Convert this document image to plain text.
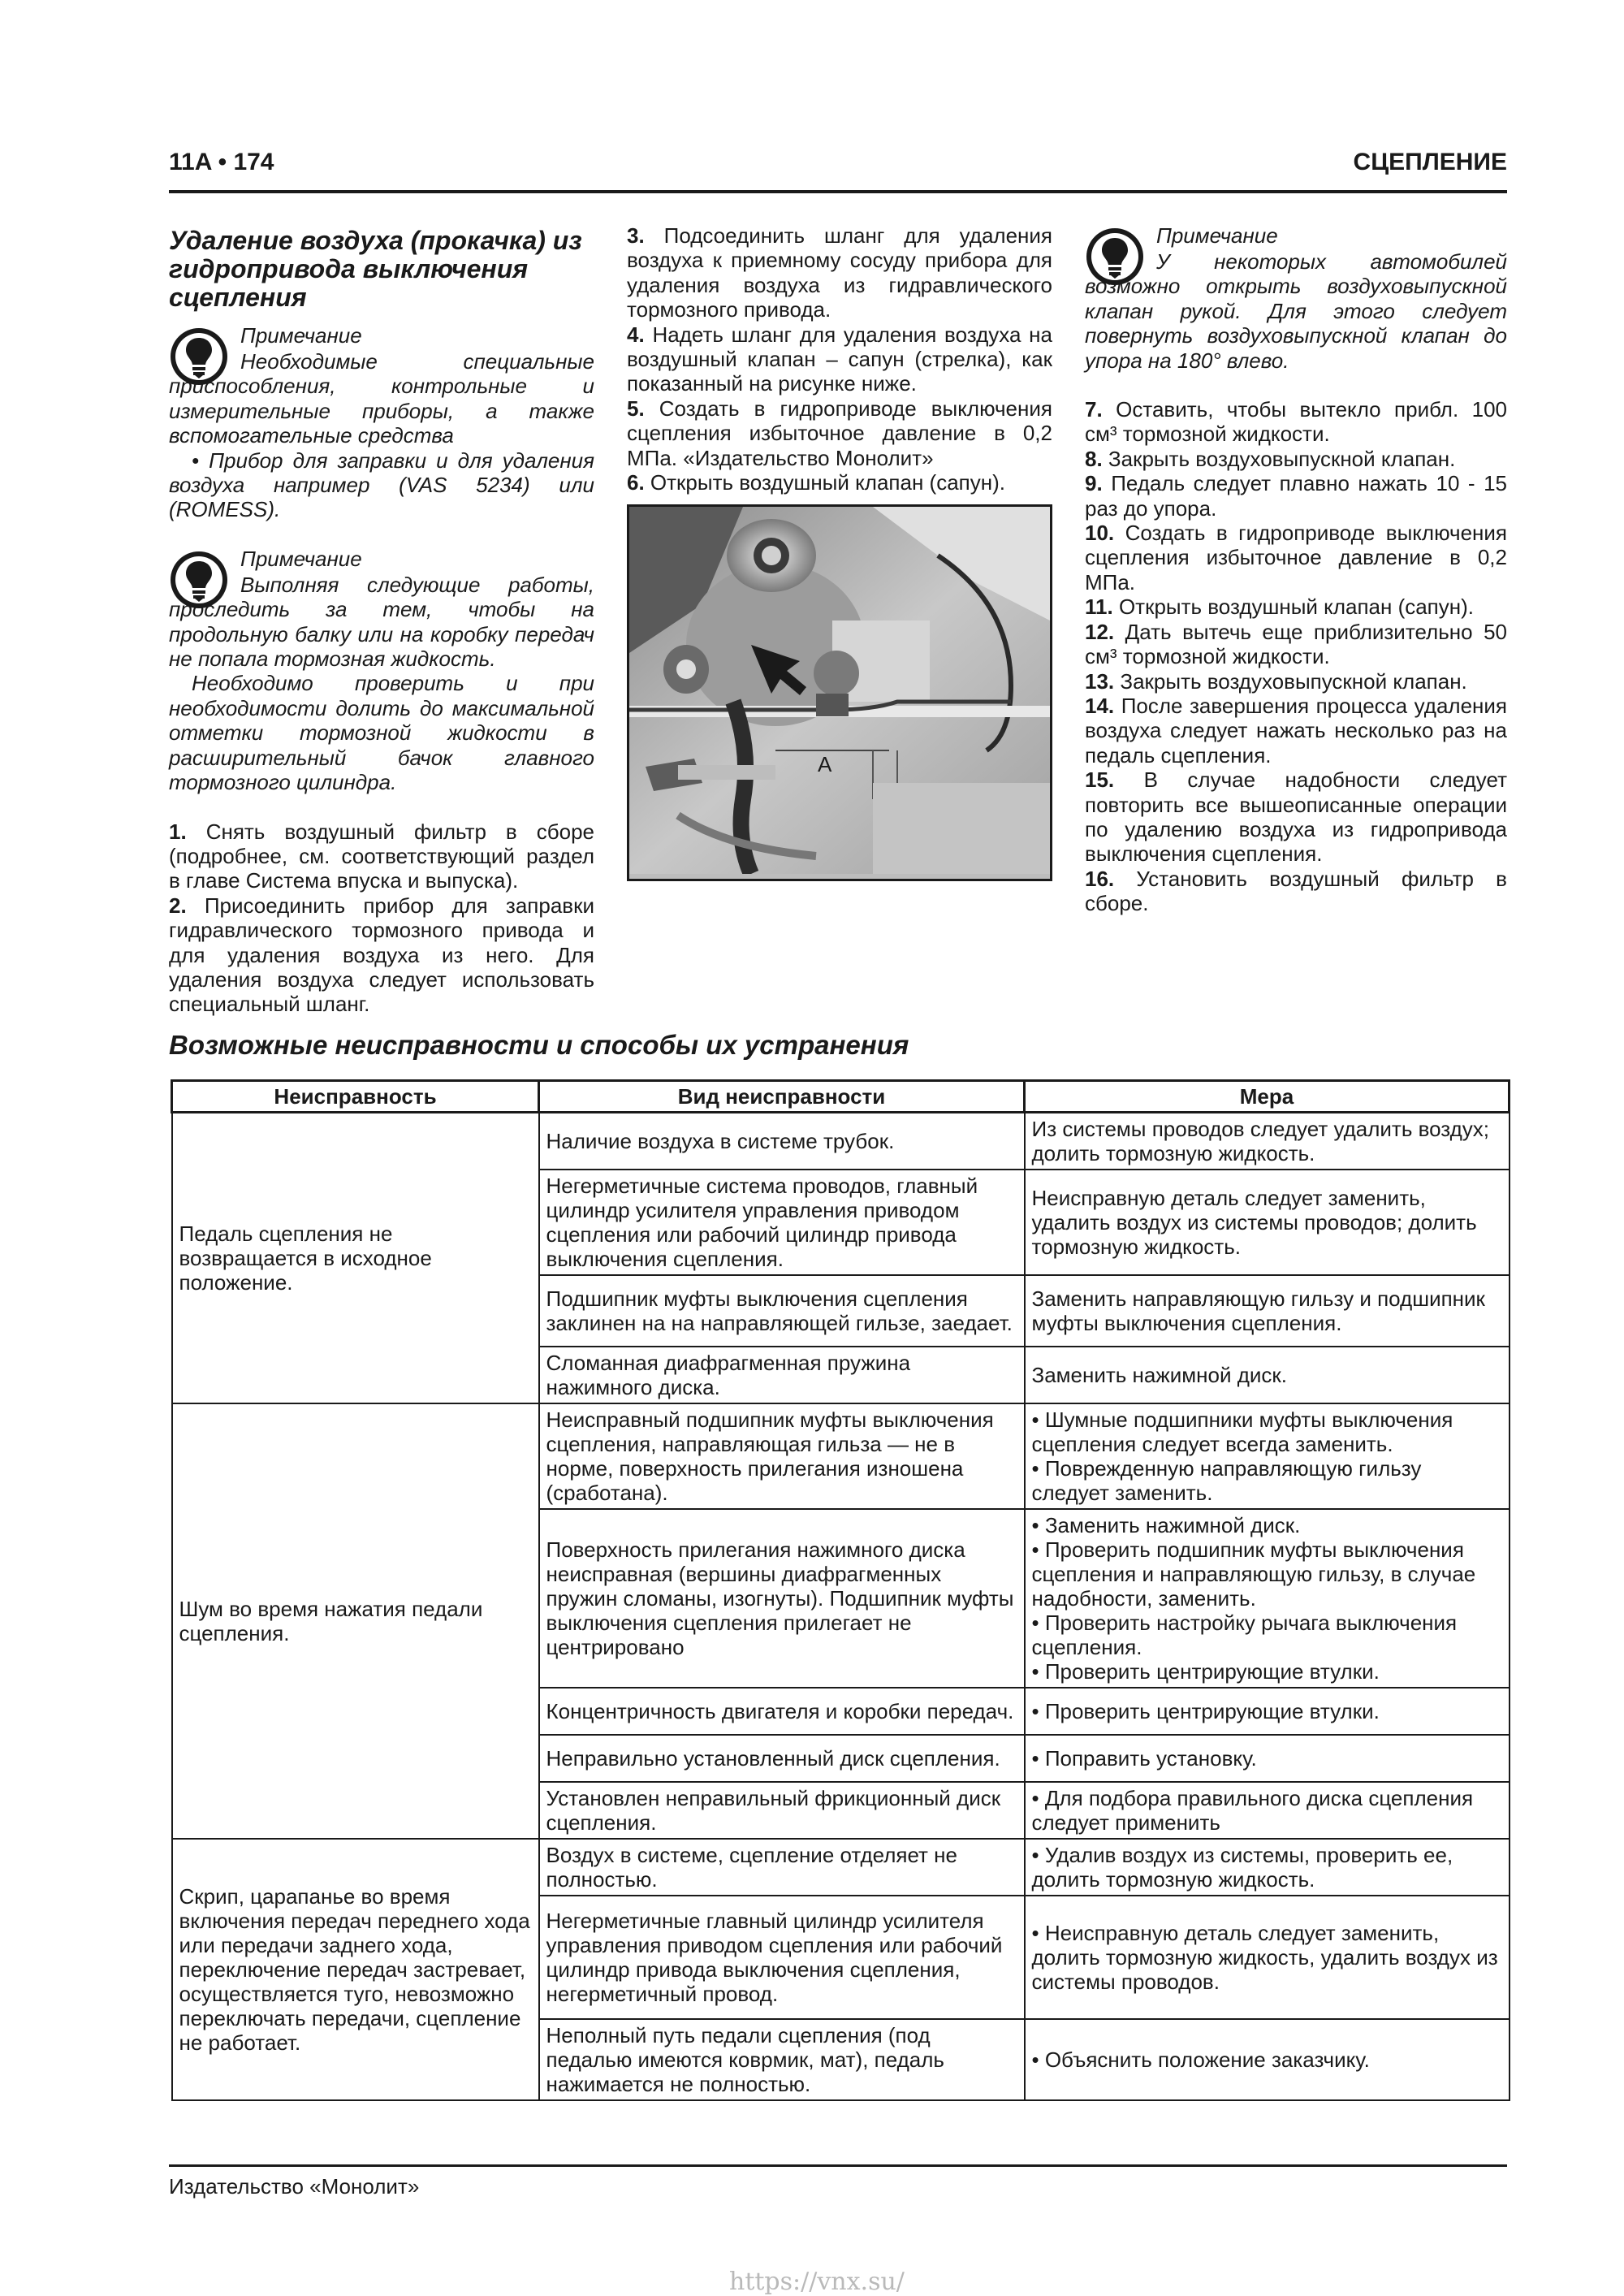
11A • 174	СЦЕПЛЕНИЕ
Удаление воздуха (прокачка) из гидропривода выключения сцепления
Примечание
Необходимые специальные приспособления, контрольные и измерительные приборы, а также вспомогательные средства
• Прибор для заправки и для удаления воздуха например (VAS 5234) или (ROMESS).
Примечание
Выполняя следующие работы, проследить за тем, чтобы на продольную балку или на коробку передач не попала тормозная жидкость.
Необходимо проверить и при необходимости долить до максимальной отметки тормозной жидкости в расширительный бачок главного тормозного цилиндра.

1. Снять воздушный фильтр в сборе (подробнее, см. соответствующий раздел в главе Система впуска и выпуска).

2. Присоединить прибор для заправки гидравлического тормозного привода и для удаления воздуха из него. Для удаления воздуха следует использовать специальный шланг.

3. Подсоединить шланг для удаления воздуха к приемному сосуду прибора для удаления воздуха из гидравлического тормозного привода.

4. Надеть шланг для удаления воздуха на воздушный клапан – сапун (стрелка), как показанный на рисунке ниже.

5. Создать в гидроприводе выключения сцепления избыточное давление в 0,2 МПа. «Издательство Монолит»

6. Открыть воздушный клапан (сапун).

A
Примечание
У некоторых автомобилей возможно открыть воздуховыпускной клапан рукой. Для этого следует повернуть воздуховыпускной клапан до упора на 180° влево.

7. Оставить, чтобы вытекло прибл. 100 см³ тормозной жидкости.

8. Закрыть воздуховыпускной клапан.

9. Педаль следует плавно нажать 10 - 15 раз до упора.

10. Создать в гидроприводе выключения сцепления избыточное давление в 0,2 МПа.

11. Открыть воздушный клапан (сапун).

12. Дать вытечь еще приблизительно 50 см³ тормозной жидкости.

13. Закрыть воздуховыпускной клапан.

14. После завершения процесса удаления воздуха следует нажать несколько раз на педаль сцепления.

15. В случае надобности следует повторить все вышеописанные операции по удалению воздуха из гидропривода выключения сцепления.

16. Установить воздушный фильтр в сборе.

Возможные неисправности и способы их устранения
Неисправность	Вид неисправности	Мера
Педаль сцепления не возвращается в исходное положение.	Наличие воздуха в системе трубок.	Из системы проводов следует удалить воздух; долить тормозную жидкость.
	Негерметичные система проводов, главный цилиндр усилителя управления приводом сцепления или рабочий цилиндр привода выключения сцепления.	Неисправную деталь следует заменить, удалить воздух из системы проводов; долить тормозную жидкость.
	Подшипник муфты выключения сцепления заклинен на на направляющей гильзе, заедает.	Заменить направляющую гильзу и подшипник муфты выключения сцепления.
	Сломанная диафрагменная пружина нажимного диска.	Заменить нажимной диск.
Шум во время нажатия педали сцепления.	Неисправный подшипник муфты выключения сцепления, направляющая гильза — не в норме, поверхность прилегания изношена (сработана).	• Шумные подшипники муфты выключения сцепления следует всегда заменить.
• Поврежденную направляющую гильзу следует заменить.
	Поверхность прилегания нажимного диска неисправная (вершины диафрагменных пружин сломаны, изогнуты). Подшипник муфты выключения сцепления прилегает не центрировано	• Заменить нажимной диск.
• Проверить подшипник муфты выключения сцепления и направляющую гильзу, в случае надобности, заменить.
• Проверить настройку рычага выключения сцепления.
• Проверить центрирующие втулки.
	Концентричность двигателя и коробки передач.	• Проверить центрирующие втулки.
	Неправильно установленный диск сцепления.	• Поправить установку.
	Установлен неправильный фрикционный диск сцепления.	• Для подбора правильного диска сцепления следует применить
Скрип, царапанье во время включения передач переднего хода или передачи заднего хода, переключение передач застревает, осуществляется туго, невозможно переключать передачи, сцепление не работает.	Воздух в системе, сцепление отделяет не полностью.	• Удалив воздух из системы, проверить ее, долить тормозную жидкость.
	Негерметичные главный цилиндр усилителя управления приводом сцепления или рабочий цилиндр привода выключения сцепления, негерметичный провод.	• Неисправную деталь следует заменить, долить тормозную жидкость, удалить воздух из системы проводов.
	Неполный путь педали сцепления (под педалью имеются коврмик, мат), педаль нажимается не полностью.	• Объяснить положение заказчику.
Издательство «Монолит»
https://vnx.su/
